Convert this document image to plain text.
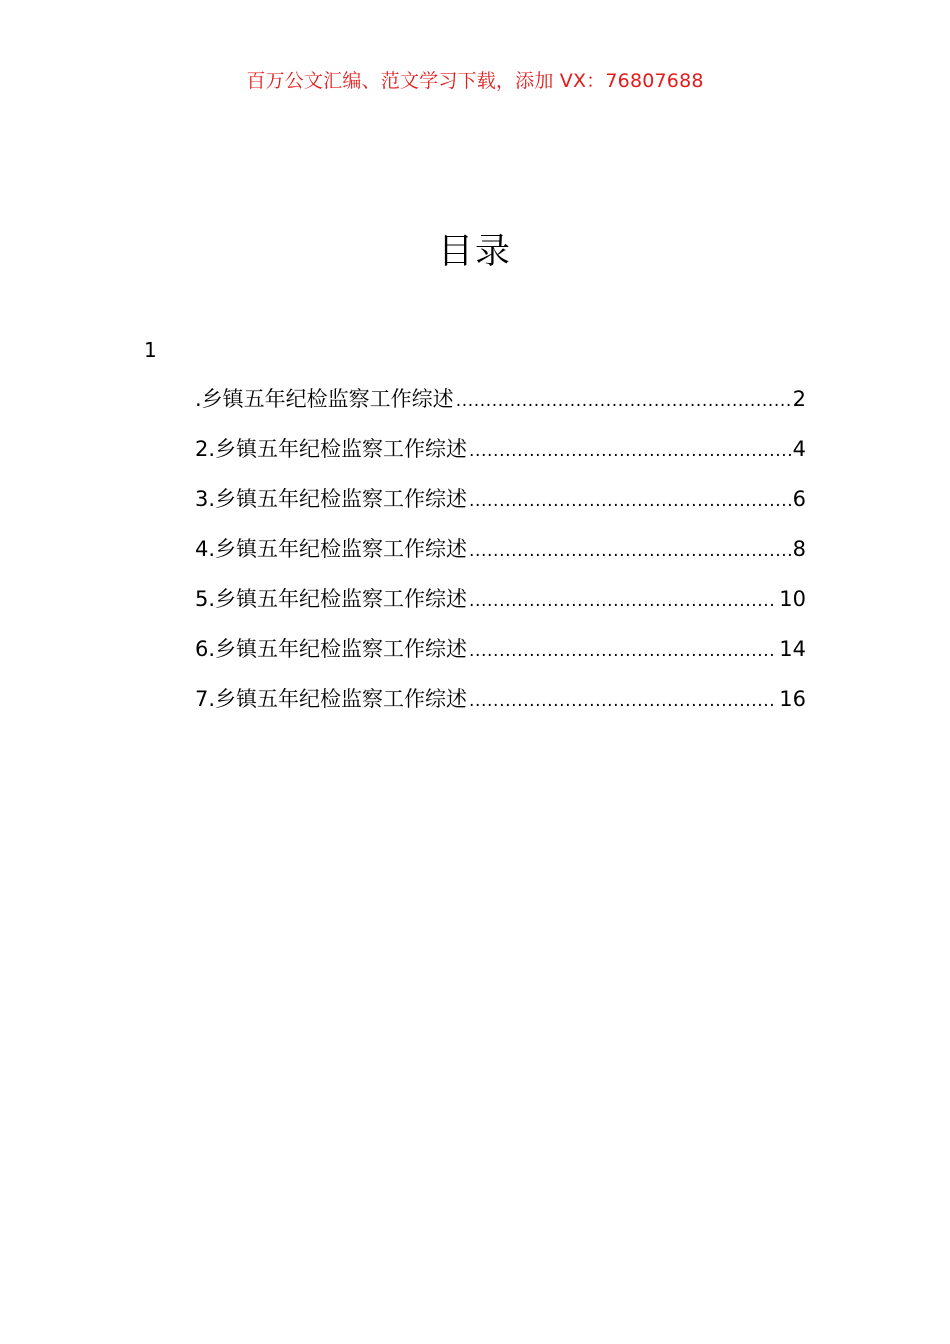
百万公文汇编、范文学习下载，添加 VX：76807688
目录
1
.乡镇五年纪检监察工作综述 .....	2
2.乡镇五年纪检监察工作综述 .....	4
3.乡镇五年纪检监察工作综述 .....	6
4.乡镇五年纪检监察工作综述 .....	8
5.乡镇五年纪检监察工作综述 .....	10
6.乡镇五年纪检监察工作综述 .....	14
7.乡镇五年纪检监察工作综述 .....	16
